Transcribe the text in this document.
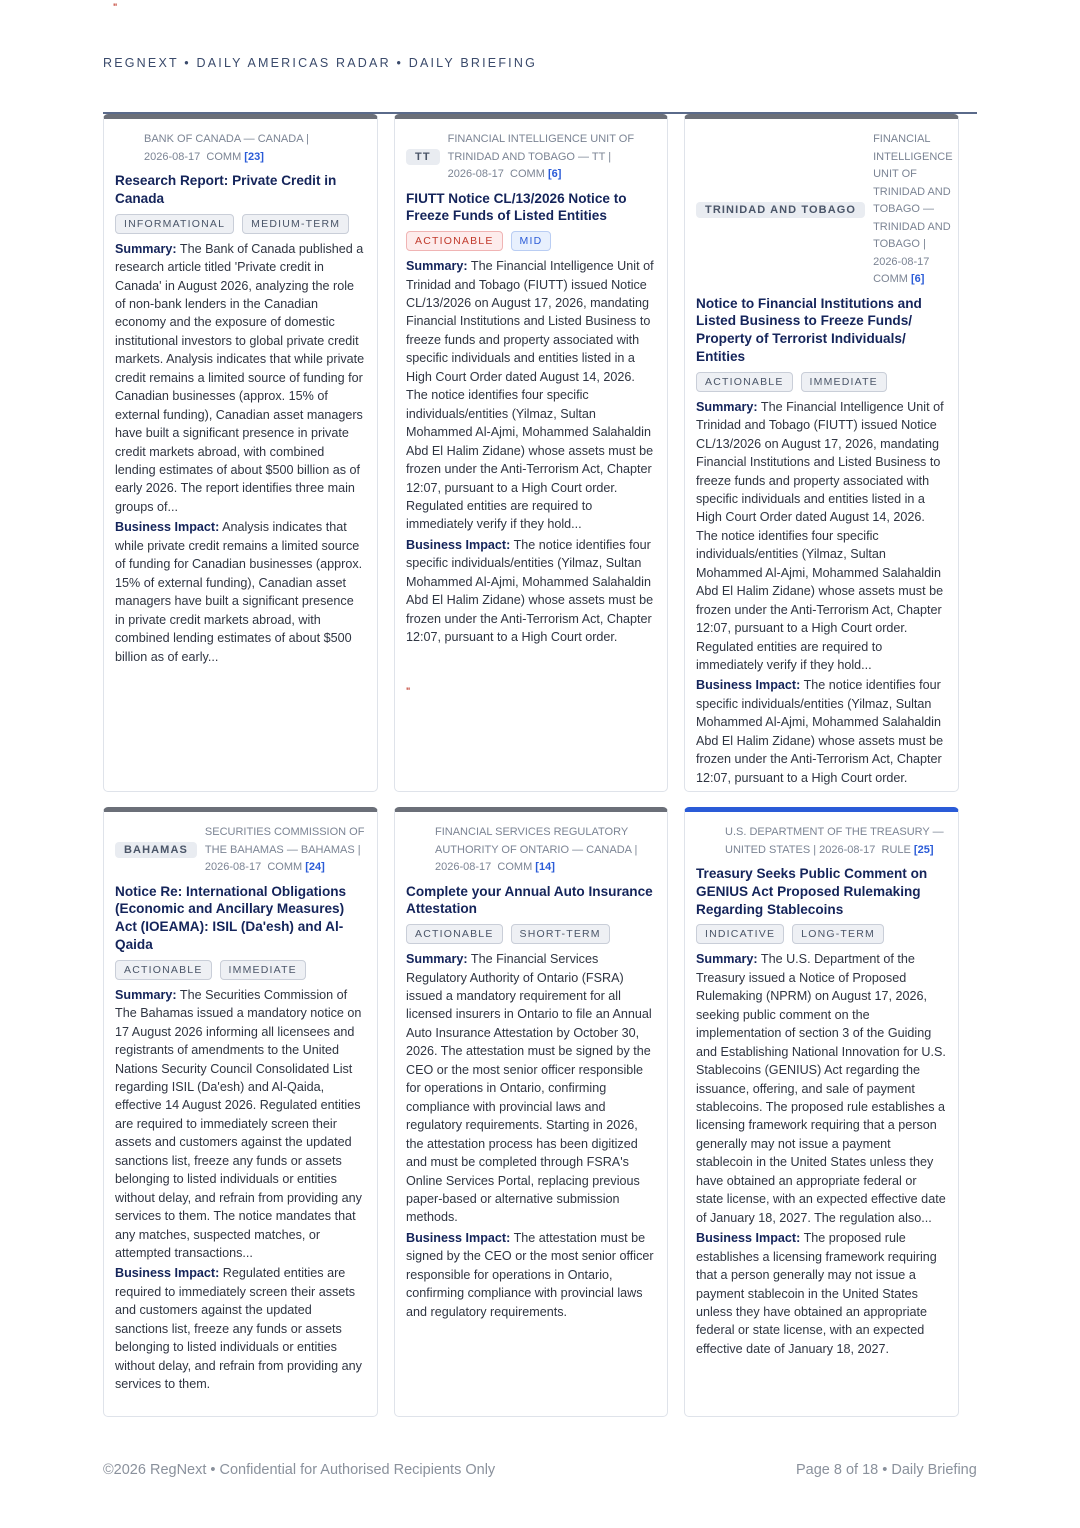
"
REGNEXT • DAILY AMERICAS RADAR • DAILY BRIEFING
BANK OF CANADA — CANADA |
2026-08-17 COMM [23]
Research Report: Private Credit in Canada
INFORMATIONAL	MEDIUM-TERM

Summary: The Bank of Canada published a research article titled 'Private credit in Canada' in August 2026, analyzing the role of non-bank lenders in the Canadian economy and the exposure of domestic institutional investors to global private credit markets. Analysis indicates that while private credit remains a limited source of funding for Canadian businesses (approx. 15% of external funding), Canadian asset managers have built a significant presence in private credit markets abroad, with combined lending estimates of about $500 billion as of early 2026. The report identifies three main groups of...

Business Impact: Analysis indicates that while private credit remains a limited source of funding for Canadian businesses (approx. 15% of external funding), Canadian asset managers have built a significant presence in private credit markets abroad, with combined lending estimates of about $500 billion as of early...

TT
FINANCIAL INTELLIGENCE UNIT OF TRINIDAD AND TOBAGO — TT |
2026-08-17 COMM [6]
FIUTT Notice CL/13/2026 Notice to Freeze Funds of Listed Entities
ACTIONABLE	MID

Summary: The Financial Intelligence Unit of Trinidad and Tobago (FIUTT) issued Notice CL/13/2026 on August 17, 2026, mandating Financial Institutions and Listed Business to freeze funds and property associated with specific individuals and entities listed in a High Court Order dated August 14, 2026. The notice identifies four specific individuals/entities (Yilmaz, Sultan Mohammed Al-Ajmi, Mohammed Salahaldin Abd El Halim Zidane) whose assets must be frozen under the Anti-Terrorism Act, Chapter 12:07, pursuant to a High Court order. Regulated entities are required to immediately verify if they hold...

Business Impact: The notice identifies four specific individuals/entities (Yilmaz, Sultan Mohammed Al-Ajmi, Mohammed Salahaldin Abd El Halim Zidane) whose assets must be frozen under the Anti-Terrorism Act, Chapter 12:07, pursuant to a High Court order.

"
TRINIDAD AND TOBAGO
FINANCIAL INTELLIGENCE UNIT OF TRINIDAD AND TOBAGO — TRINIDAD AND TOBAGO |
2026-08-17  COMM [6]
Notice to Financial Institutions and Listed Business to Freeze Funds/ Property of Terrorist Individuals/ Entities
ACTIONABLE	IMMEDIATE

Summary: The Financial Intelligence Unit of Trinidad and Tobago (FIUTT) issued Notice CL/13/2026 on August 17, 2026, mandating Financial Institutions and Listed Business to freeze funds and property associated with specific individuals and entities listed in a High Court Order dated August 14, 2026. The notice identifies four specific individuals/entities (Yilmaz, Sultan Mohammed Al-Ajmi, Mohammed Salahaldin Abd El Halim Zidane) whose assets must be frozen under the Anti-Terrorism Act, Chapter 12:07, pursuant to a High Court order. Regulated entities are required to immediately verify if they hold...

Business Impact: The notice identifies four specific individuals/entities (Yilmaz, Sultan Mohammed Al-Ajmi, Mohammed Salahaldin Abd El Halim Zidane) whose assets must be frozen under the Anti-Terrorism Act, Chapter 12:07, pursuant to a High Court order.

BAHAMAS
SECURITIES COMMISSION OF THE BAHAMAS — BAHAMAS |
2026-08-17 COMM [24]
Notice Re: International Obligations (Economic and Ancillary Measures) Act (IOEAMA): ISIL (Da'esh) and Al-Qaida
ACTIONABLE	IMMEDIATE

Summary: The Securities Commission of The Bahamas issued a mandatory notice on 17 August 2026 informing all licensees and registrants of amendments to the United Nations Security Council Consolidated List regarding ISIL (Da'esh) and Al-Qaida, effective 14 August 2026. Regulated entities are required to immediately screen their assets and customers against the updated sanctions list, freeze any funds or assets belonging to listed individuals or entities without delay, and refrain from providing any services to them. The notice mandates that any matches, suspected matches, or attempted transactions...

Business Impact: Regulated entities are required to immediately screen their assets and customers against the updated sanctions list, freeze any funds or assets belonging to listed individuals or entities without delay, and refrain from providing any services to them.

FINANCIAL SERVICES REGULATORY AUTHORITY OF ONTARIO — CANADA |
2026-08-17 COMM [14]
Complete your Annual Auto Insurance Attestation
ACTIONABLE	SHORT-TERM

Summary: The Financial Services Regulatory Authority of Ontario (FSRA) issued a mandatory requirement for all licensed insurers in Ontario to file an Annual Auto Insurance Attestation by October 30, 2026. The attestation must be signed by the CEO or the most senior officer responsible for operations in Ontario, confirming compliance with provincial laws and regulatory requirements. Starting in 2026, the attestation process has been digitized and must be completed through FSRA's Online Services Portal, replacing previous paper-based or alternative submission methods.

Business Impact: The attestation must be signed by the CEO or the most senior officer responsible for operations in Ontario, confirming compliance with provincial laws and regulatory requirements.

U.S. DEPARTMENT OF THE TREASURY — UNITED STATES | 2026-08-17 RULE [25]
Treasury Seeks Public Comment on GENIUS Act Proposed Rulemaking Regarding Stablecoins
INDICATIVE	LONG-TERM

Summary: The U.S. Department of the Treasury issued a Notice of Proposed Rulemaking (NPRM) on August 17, 2026, seeking public comment on the implementation of section 3 of the Guiding and Establishing National Innovation for U.S. Stablecoins (GENIUS) Act regarding the issuance, offering, and sale of payment stablecoins. The proposed rule establishes a licensing framework requiring that a person generally may not issue a payment stablecoin in the United States unless they have obtained an appropriate federal or state license, with an expected effective date of January 18, 2027. The regulation also...

Business Impact: The proposed rule establishes a licensing framework requiring that a person generally may not issue a payment stablecoin in the United States unless they have obtained an appropriate federal or state license, with an expected effective date of January 18, 2027.

©2026 RegNext • Confidential for Authorised Recipients Only	Page 8 of 18 • Daily Briefing
